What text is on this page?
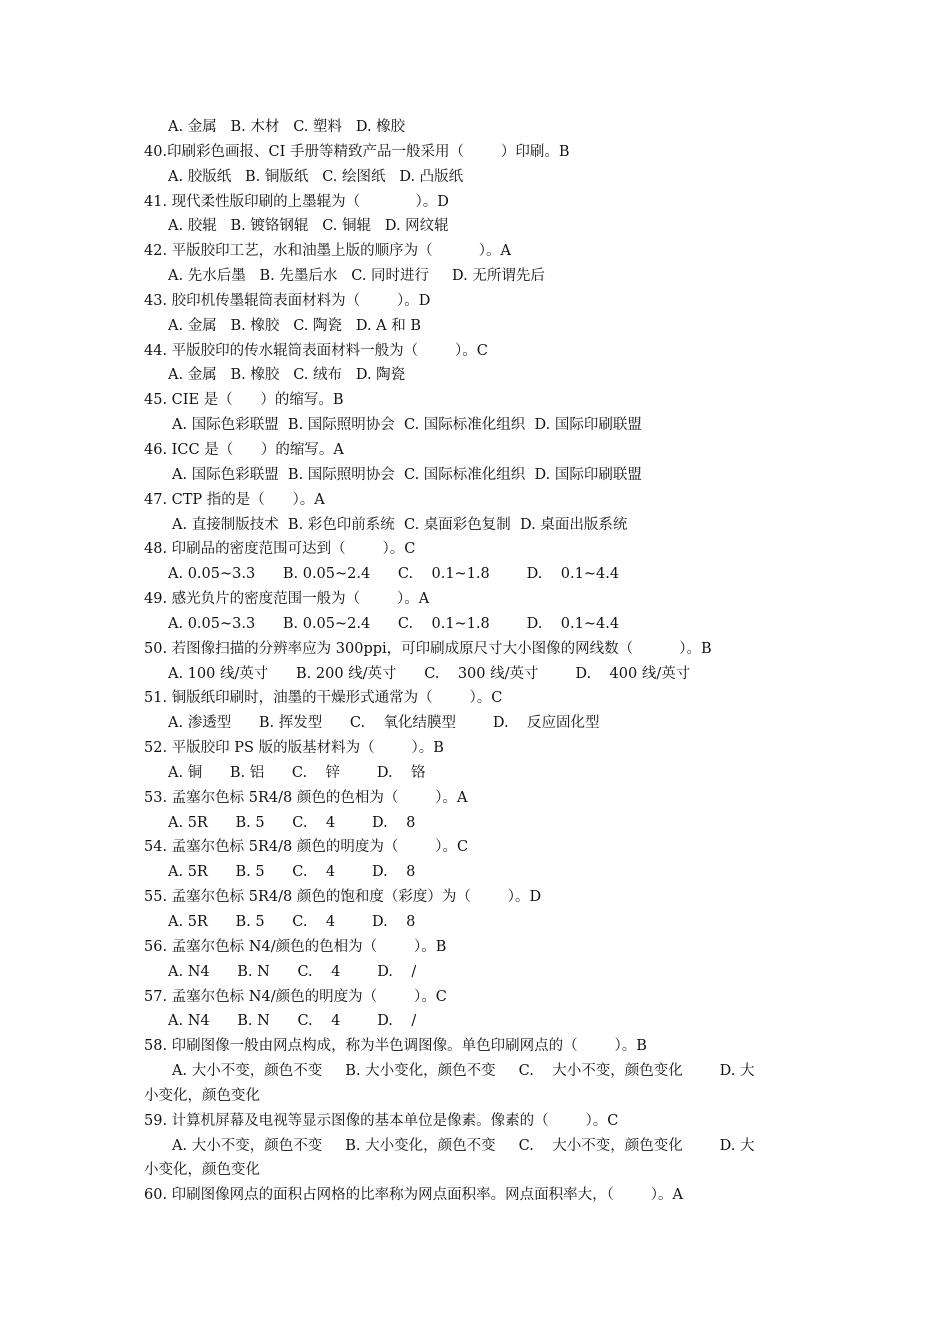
A. 金属   B. 木材   C. 塑料   D. 橡胶
40.印刷彩色画报、CI 手册等精致产品一般采用（        ）印刷。B
A. 胶版纸   B. 铜版纸   C. 绘图纸   D. 凸版纸
41. 现代柔性版印刷的上墨辊为（            ）。D
A. 胶辊   B. 镀铬钢辊   C. 铜辊   D. 网纹辊
42. 平版胶印工艺，水和油墨上版的顺序为（          ）。A
A. 先水后墨   B. 先墨后水   C. 同时进行     D. 无所谓先后
43. 胶印机传墨辊筒表面材料为（        ）。D
A. 金属   B. 橡胶   C. 陶瓷   D. A 和 B
44. 平版胶印的传水辊筒表面材料一般为（        ）。C
A. 金属   B. 橡胶   C. 绒布   D. 陶瓷
45. CIE 是（      ）的缩写。B
A. 国际色彩联盟  B. 国际照明协会  C. 国际标准化组织  D. 国际印刷联盟
46. ICC 是（      ）的缩写。A
A. 国际色彩联盟  B. 国际照明协会  C. 国际标准化组织  D. 国际印刷联盟
47. CTP 指的是（      ）。A
A. 直接制版技术  B. 彩色印前系统  C. 桌面彩色复制  D. 桌面出版系统
48. 印刷品的密度范围可达到（        ）。C
A. 0.05~3.3      B. 0.05~2.4      C.    0.1~1.8        D.    0.1~4.4
49. 感光负片的密度范围一般为（        ）。A
A. 0.05~3.3      B. 0.05~2.4      C.    0.1~1.8        D.    0.1~4.4
50. 若图像扫描的分辨率应为 300ppi，可印刷成原尺寸大小图像的网线数（          ）。B
A. 100 线/英寸      B. 200 线/英寸      C.    300 线/英寸        D.    400 线/英寸
51. 铜版纸印刷时，油墨的干燥形式通常为（        ）。C
A. 渗透型      B. 挥发型      C.    氧化结膜型        D.    反应固化型
52. 平版胶印 PS 版的版基材料为（        ）。B
A. 铜      B. 铝      C.    锌        D.    铬
53. 孟塞尔色标 5R4/8 颜色的色相为（        ）。A
A. 5R      B. 5      C.    4        D.    8
54. 孟塞尔色标 5R4/8 颜色的明度为（        ）。C
A. 5R      B. 5      C.    4        D.    8
55. 孟塞尔色标 5R4/8 颜色的饱和度（彩度）为（        ）。D
A. 5R      B. 5      C.    4        D.    8
56. 孟塞尔色标 N4/颜色的色相为（        ）。B
A. N4      B. N      C.    4        D.    /
57. 孟塞尔色标 N4/颜色的明度为（        ）。C
A. N4      B. N      C.    4        D.    /
58. 印刷图像一般由网点构成，称为半色调图像。单色印刷网点的（        ）。B
A. 大小不变，颜色不变     B. 大小变化，颜色不变     C.    大小不变，颜色变化        D. 大
小变化，颜色变化
59. 计算机屏幕及电视等显示图像的基本单位是像素。像素的（        ）。C
A. 大小不变，颜色不变     B. 大小变化，颜色不变     C.    大小不变，颜色变化        D. 大
小变化，颜色变化
60. 印刷图像网点的面积占网格的比率称为网点面积率。网点面积率大，（        ）。A
